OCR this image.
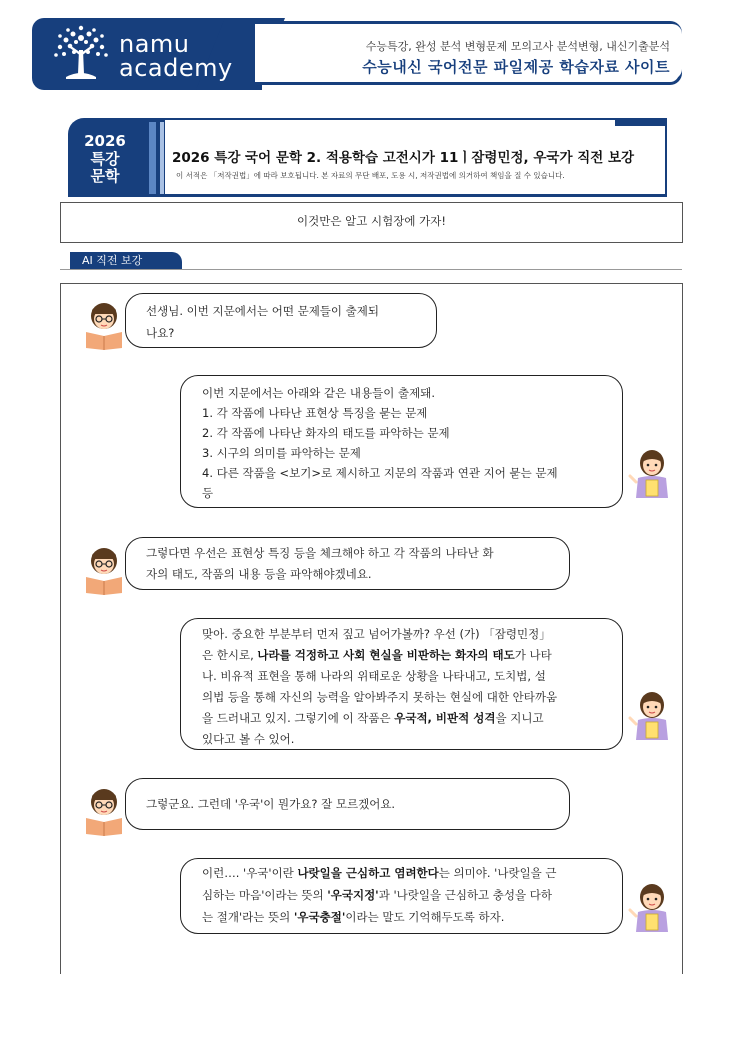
namu
academy
수능특강, 완성 분석 변형문제 모의고사 분석변형, 내신기출분석
수능내신 국어전문 파일제공 학습자료 사이트
2026
특강
문학
2026 특강 국어 문학 2. 적용학습 고전시가 11ㅣ잠령민정, 우국가 직전 보강
이 서적은 「저작권법」에 따라 보호됩니다. 본 자료의 무단 배포, 도용 시, 저작권법에 의거하여 책임을 질 수 있습니다.
이것만은 알고 시험장에 가자!
AI 직전 보강
선생님. 이번 지문에서는 어떤 문제들이 출제되
나요?
이번 지문에서는 아래와 같은 내용들이 출제돼.
1. 각 작품에 나타난 표현상 특징을 묻는 문제
2. 각 작품에 나타난 화자의 태도를 파악하는 문제
3. 시구의 의미를 파악하는 문제
4. 다른 작품을 <보기>로 제시하고 지문의 작품과 연관 지어 묻는 문제
등
그렇다면 우선은 표현상 특징 등을 체크해야 하고 각 작품의 나타난 화
자의 태도, 작품의 내용 등을 파악해야겠네요.
맞아. 중요한 부분부터 먼저 짚고 넘어가볼까? 우선 (가) 「잠령민정」
은 한시로, 나라를 걱정하고 사회 현실을 비판하는 화자의 태도가 나타
나. 비유적 표현을 통해 나라의 위태로운 상황을 나타내고, 도치법, 설
의법 등을 통해 자신의 능력을 알아봐주지 못하는 현실에 대한 안타까움
을 드러내고 있지. 그렇기에 이 작품은 우국적, 비판적 성격을 지니고
있다고 볼 수 있어.
그렇군요. 그런데 '우국'이 뭔가요? 잘 모르겠어요.
이런…. '우국'이란 나랏일을 근심하고 염려한다는 의미야. '나랏일을 근
심하는 마음'이라는 뜻의 '우국지정'과 '나랏일을 근심하고 충성을 다하
는 절개'라는 뜻의 '우국충절'이라는 말도 기억해두도록 하자.
